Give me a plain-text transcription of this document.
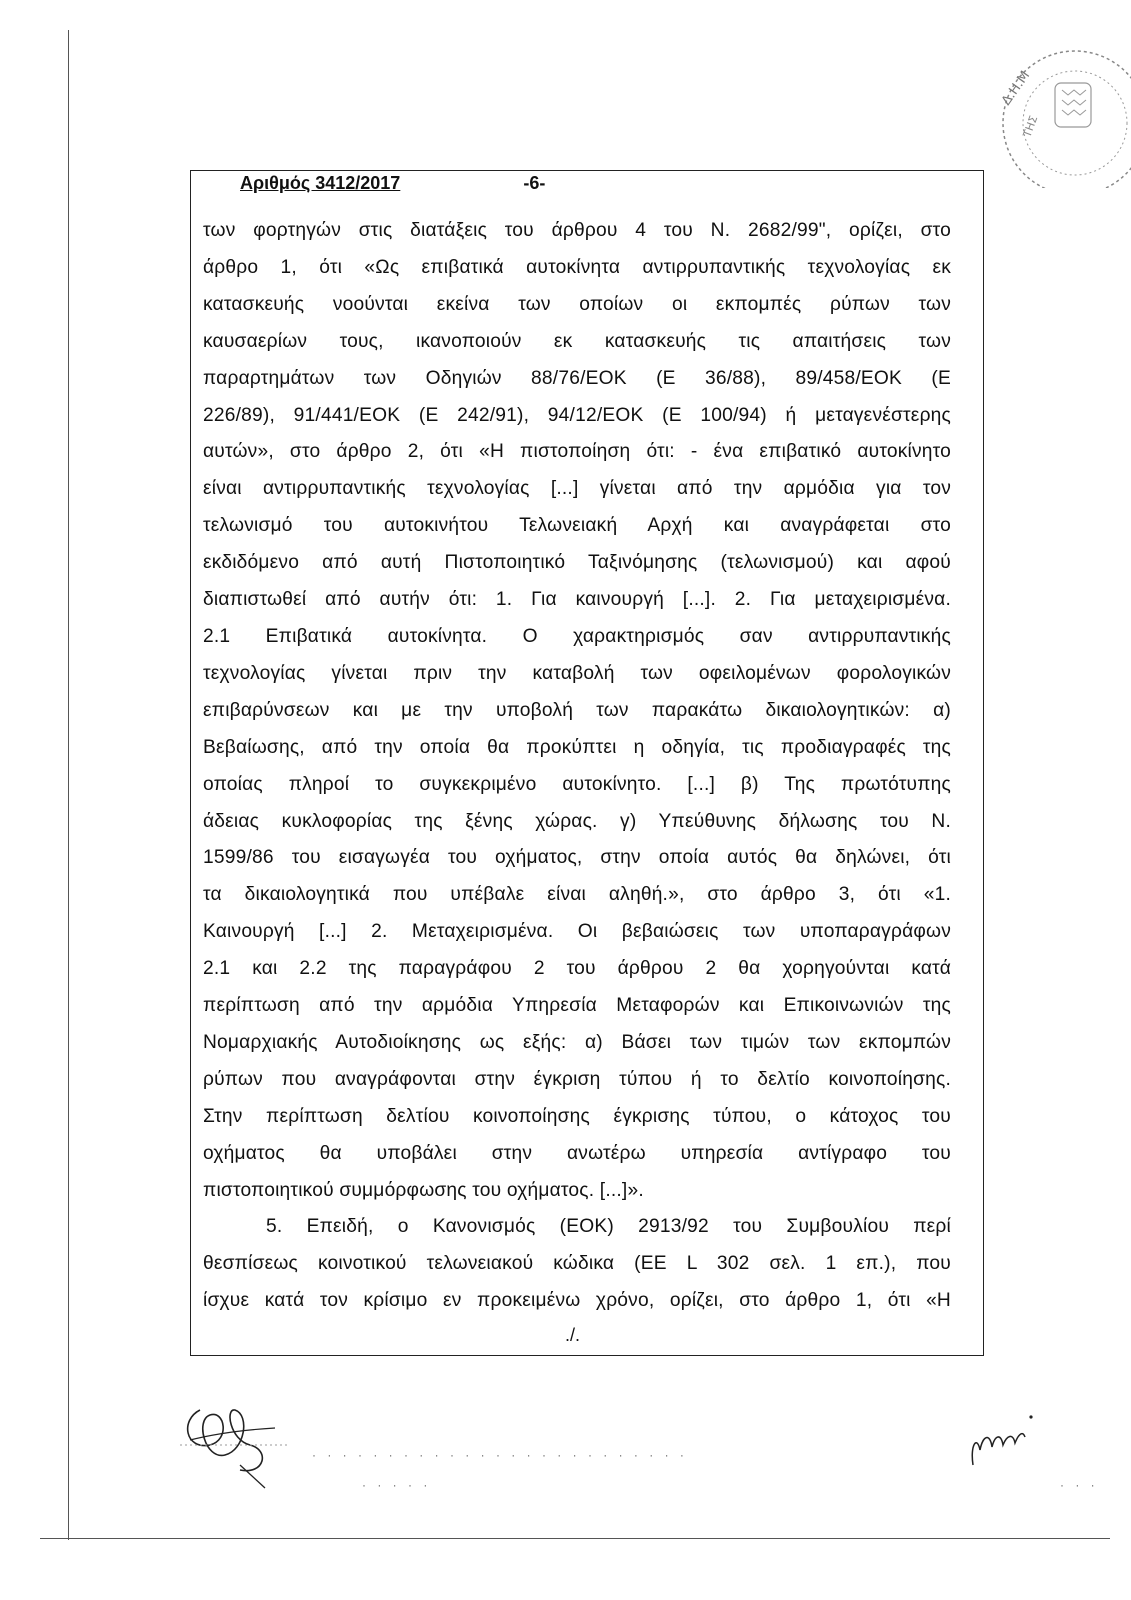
Δ.Η.Μ
ΤΗΣ
Αριθμός 3412/2017	-6-
των φορτηγών στις διατάξεις του άρθρου 4 του Ν. 2682/99", ορίζει, στο
άρθρο 1, ότι «Ως επιβατικά αυτοκίνητα αντιρρυπαντικής τεχνολογίας εκ
κατασκευής νοούνται εκείνα των οποίων οι εκπομπές ρύπων των
καυσαερίων τους, ικανοποιούν εκ κατασκευής τις απαιτήσεις των
παραρτημάτων των Οδηγιών 88/76/ΕΟΚ (Ε 36/88), 89/458/ΕΟΚ (Ε
226/89), 91/441/ΕΟΚ (Ε 242/91), 94/12/ΕΟΚ (Ε 100/94) ή μεταγενέστερης
αυτών», στο άρθρο 2, ότι «Η πιστοποίηση ότι: - ένα επιβατικό αυτοκίνητο
είναι αντιρρυπαντικής τεχνολογίας [...] γίνεται από την αρμόδια για τον
τελωνισμό του αυτοκινήτου Τελωνειακή Αρχή και αναγράφεται στο
εκδιδόμενο από αυτή Πιστοποιητικό Ταξινόμησης (τελωνισμού) και αφού
διαπιστωθεί από αυτήν ότι: 1. Για καινουργή [...]. 2. Για μεταχειρισμένα.
2.1 Επιβατικά αυτοκίνητα. Ο χαρακτηρισμός σαν αντιρρυπαντικής
τεχνολογίας γίνεται πριν την καταβολή των οφειλομένων φορολογικών
επιβαρύνσεων και με την υποβολή των παρακάτω δικαιολογητικών: α)
Βεβαίωσης, από την οποία θα προκύπτει η οδηγία, τις προδιαγραφές της
οποίας πληροί το συγκεκριμένο αυτοκίνητο. [...] β) Της πρωτότυπης
άδειας κυκλοφορίας της ξένης χώρας. γ) Υπεύθυνης δήλωσης του Ν.
1599/86 του εισαγωγέα του οχήματος, στην οποία αυτός θα δηλώνει, ότι
τα δικαιολογητικά που υπέβαλε είναι αληθή.», στο άρθρο 3, ότι «1.
Καινουργή [...] 2. Μεταχειρισμένα. Οι βεβαιώσεις των υποπαραγράφων
2.1 και 2.2 της παραγράφου 2 του άρθρου 2 θα χορηγούνται κατά
περίπτωση από την αρμόδια Υπηρεσία Μεταφορών και Επικοινωνιών της
Νομαρχιακής Αυτοδιοίκησης ως εξής: α) Βάσει των τιμών των εκπομπών
ρύπων που αναγράφονται στην έγκριση τύπου ή το δελτίο κοινοποίησης.
Στην περίπτωση δελτίου κοινοποίησης έγκρισης τύπου, ο κάτοχος του
οχήματος θα υποβάλει στην ανωτέρω υπηρεσία αντίγραφο του
πιστοποιητικού συμμόρφωσης του οχήματος. [...]».
5. Επειδή, ο Κανονισμός (ΕΟΚ) 2913/92 του Συμβουλίου περί
θεσπίσεως κοινοτικού τελωνειακού κώδικα (ΕΕ L 302 σελ. 1 επ.), που
ίσχυε κατά τον κρίσιμο εν προκειμένω χρόνο, ορίζει, στο άρθρο 1, ότι «Η
./.
· · · · · · · · · · · · · · · · · · · · · · · · ·
· · · · ·	· · ·
